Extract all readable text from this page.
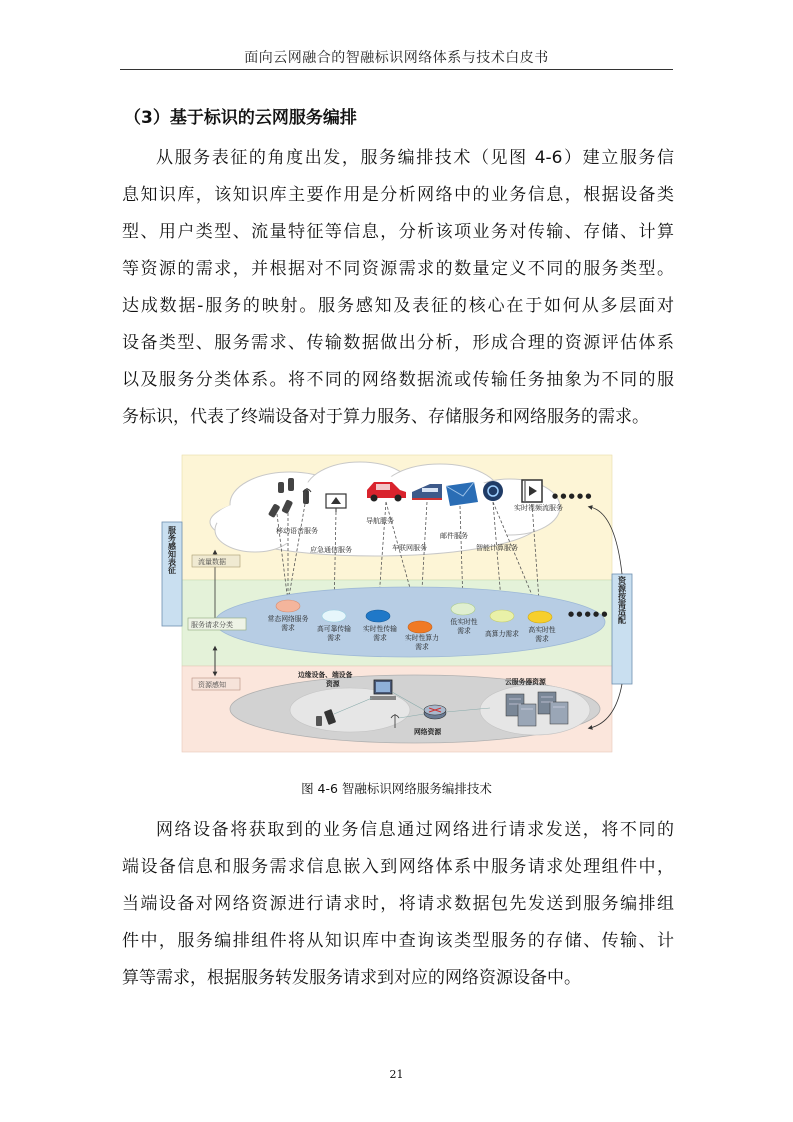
面向云网融合的智融标识网络体系与技术白皮书
（3）基于标识的云网服务编排
从服务表征的角度出发，服务编排技术（见图 4-6）建立服务信
息知识库，该知识库主要作用是分析网络中的业务信息，根据设备类
型、用户类型、流量特征等信息，分析该项业务对传输、存储、计算
等资源的需求，并根据对不同资源需求的数量定义不同的服务类型。
达成数据-服务的映射。服务感知及表征的核心在于如何从多层面对
设备类型、服务需求、传输数据做出分析，形成合理的资源评估体系
以及服务分类体系。将不同的网络数据流或传输任务抽象为不同的服
务标识，代表了终端设备对于算力服务、存储服务和网络服务的需求。
● ● ● ● ●
移动语音服务
应急通信服务
导航服务
车联网服务
邮件服务
智能计算服务
实时视频流服务
常态网络服务
需求	高可靠传输
需求
实时性传输
需求	实时性算力
需求
低实时性
需求 高算力需求 高实时性
需求
● ● ● ● ●
服务感知表征
资源按需适配
流量数据
服务请求分类
资源感知
边缘设备、端设备
资源	云服务器资源
网络资源
图 4-6 智融标识网络服务编排技术
网络设备将获取到的业务信息通过网络进行请求发送，将不同的
端设备信息和服务需求信息嵌入到网络体系中服务请求处理组件中，
当端设备对网络资源进行请求时，将请求数据包先发送到服务编排组
件中，服务编排组件将从知识库中查询该类型服务的存储、传输、计
算等需求，根据服务转发服务请求到对应的网络资源设备中。
21
